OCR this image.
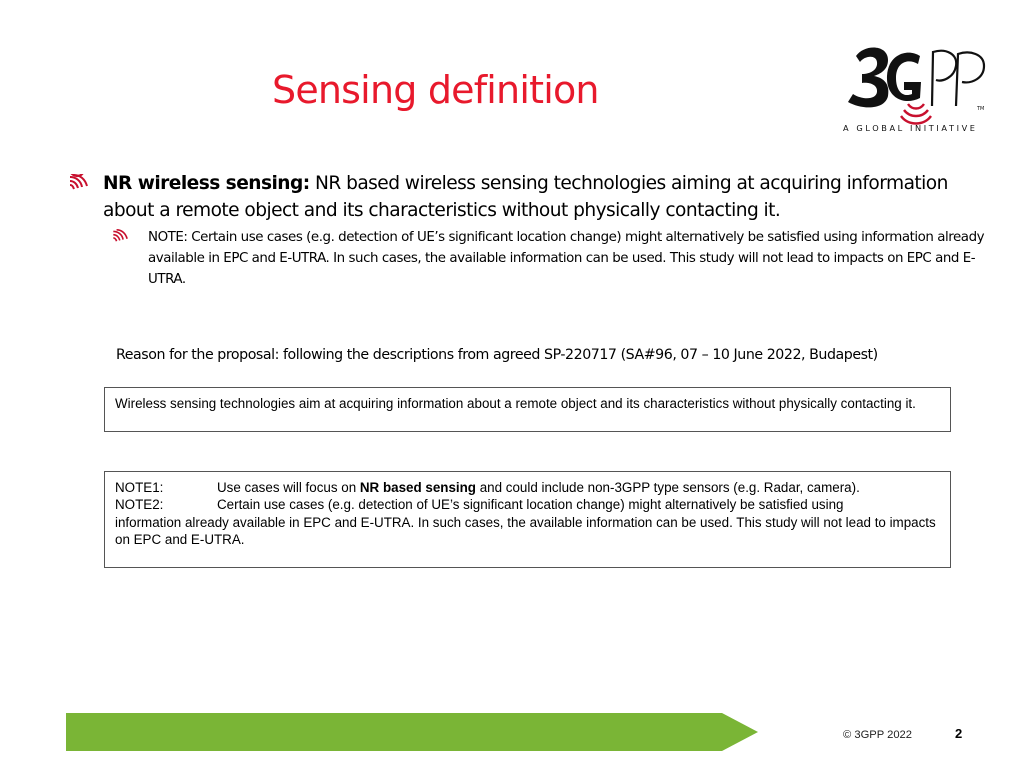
Sensing definition	TM
A GLOBAL INITIATIVE

NR wireless sensing: NR based wireless sensing technologies aiming at acquiring information about a remote object and its characteristics without physically contacting it.

NOTE: Certain use cases (e.g. detection of UE’s significant location change) might alternatively be satisfied using information already available in EPC and E-UTRA. In such cases, the available information can be used. This study will not lead to impacts on EPC and E-UTRA.

Reason for the proposal: following the descriptions from agreed SP-220717 (SA#96, 07 – 10 June 2022, Budapest)

Wireless sensing technologies aim at acquiring information about a remote object and its characteristics without physically contacting it.
NOTE1:	Use cases will focus on NR based sensing and could include non-3GPP type sensors (e.g. Radar, camera).
NOTE2:	Certain use cases (e.g. detection of UE’s significant location change) might alternatively be satisfied using
information already available in EPC and E-UTRA. In such cases, the available information can be used. This study will not lead to impacts on EPC and E-UTRA.
© 3GPP 2022	2
